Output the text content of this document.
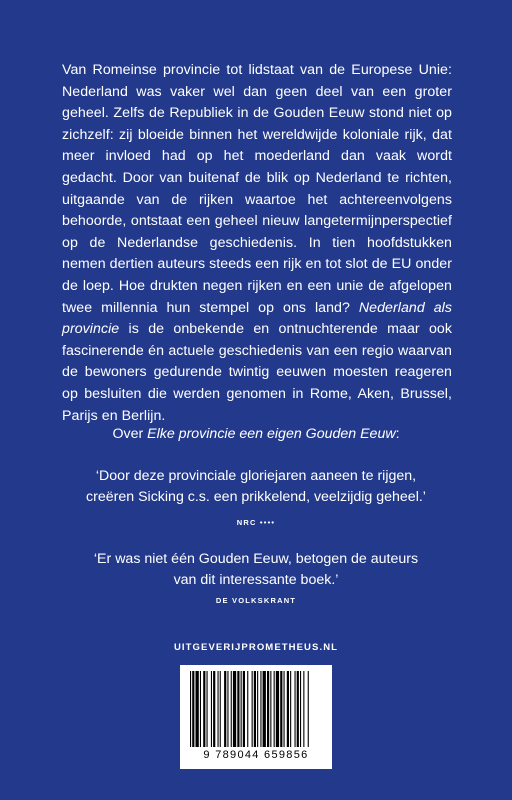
Van Romeinse provincie tot lidstaat van de Europese Unie: Nederland was vaker wel dan geen deel van een groter geheel. Zelfs de Republiek in de Gouden Eeuw stond niet op zichzelf: zij bloeide binnen het wereldwijde koloniale rijk, dat meer invloed had op het moederland dan vaak wordt gedacht. Door van buitenaf de blik op Nederland te richten, uitgaande van de rijken waartoe het achtereenvolgens behoorde, ontstaat een geheel nieuw langetermijnperspectief op de Nederlandse geschiedenis. In tien hoofdstukken nemen dertien auteurs steeds een rijk en tot slot de EU onder de loep. Hoe drukten negen rijken en een unie de afgelopen twee millennia hun stempel op ons land? Nederland als provincie is de onbekende en ontnuchterende maar ook fascinerende én actuele geschiedenis van een regio waarvan de bewoners gedurende twintig eeuwen moesten reageren op besluiten die werden genomen in Rome, Aken, Brussel, Parijs en Berlijn.
Over Elke provincie een eigen Gouden Eeuw:
‘Door deze provinciale gloriejaren aaneen te rijgen,
creëren Sicking c.s. een prikkelend, veelzijdig geheel.’
NRC ••••
‘Er was niet één Gouden Eeuw, betogen de auteurs
van dit interessante boek.’
DE VOLKSKRANT
UITGEVERIJPROMETHEUS.NL
9 789044 659856
